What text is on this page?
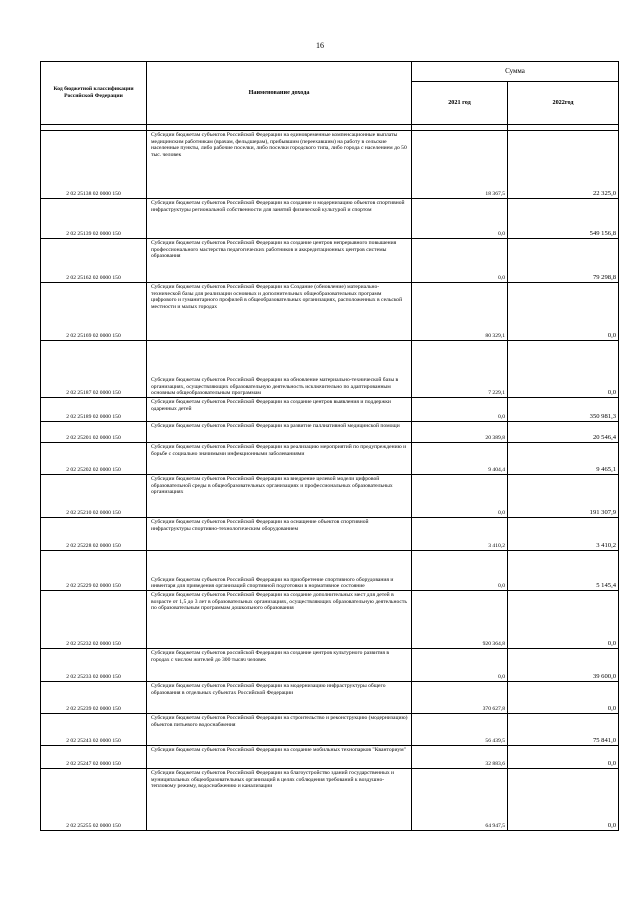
16
Код бюджетной классификации Российской Федерации	Наименование дохода	Сумма	
		2021 год	2022год

2 02 25138 02 0000 150	Субсидии бюджетам субъектов Российской Федерации на единовременные компенсационные выплаты медицинским работникам (врачам, фельдшерам), прибывшим (переехавшим) на работу в сельские населенные пункты, либо рабочие поселки, либо поселки городского типа, либо города с населением до 50 тыс. человек	18 367,5	22 325,0
2 02 25139 02 0000 150	Субсидии бюджетам субъектов Российской Федерации на создание и модернизацию объектов спортивной инфраструктуры региональной собственности для занятий физической культурой и спортом	0,0	549 156,8
2 02 25162 02 0000 150	Субсидии бюджетам субъектов Российской Федерации на создание центров непрерывного повышения профессионального мастерства педагогических работников и аккредитационных центров системы образования	0,0	79 298,8
2 02 25169 02 0000 150	Субсидии бюджетам субъектов Российской Федерации на Создание (обновление) материально-технической базы для реализации основных и дополнительных общеобразовательных программ цифрового и гуманитарного профилей в общеобразовательных организациях, расположенных в сельской местности и малых городах	80 329,1	0,0
2 02 25187 02 0000 150	Субсидии бюджетам субъектов Российской Федерации на обновление материально-технической базы в организациях, осуществляющих образовательную деятельность исключительно по адаптированным основным общеобразовательным программам	7 229,1	0,0
2 02 25189 02 0000 150	Субсидии бюджетам субъектов Российской Федерации на создание центров выявления и поддержки одаренных детей	0,0	350 981,3
2 02 25201 02 0000 150	Субсидии бюджетам субъектов Российской Федерации на развитие паллиативной медицинской помощи	20 389,8	20 546,4
2 02 25202 02 0000 150	Субсидии бюджетам субъектов Российской Федерации на реализацию мероприятий по предупреждению и борьбе с социально значимыми инфекционными заболеваниями	9 404,4	9 465,1
2 02 25210 02 0000 150	Субсидии бюджетам субъектов Российской Федерации на внедрение целевой модели цифровой образовательной среды в общеобразовательных организациях и профессиональных образовательных организациях	0,0	191 307,9
2 02 25228 02 0000 150	Субсидии бюджетам субъектов Российской Федерации на оснащение объектов спортивной инфраструктуры спортивно-технологическим оборудованием	3 410,2	3 410,2
2 02 25229 02 0000 150	Субсидии бюджетам субъектов Российской Федерации на приобретение спортивного оборудования и инвентаря для приведения организаций спортивной подготовки в нормативное состояние	0,0	5 145,4
2 02 25232 02 0000 150	Субсидии бюджетам субъектов Российской Федерации на создание дополнительных мест для детей в возрасте от 1,5 до 3 лет в образовательных организациях, осуществляющих образовательную деятельность по образовательным программам дошкольного образования	920 364,8	0,0
2 02 25233 02 0000 150	Субсидии бюджетам субъектов российской Федерации на создание центров культурного развития в городах с числом жителей до 300 тысяч человек	0,0	39 600,0
2 02 25239 02 0000 150	Субсидии бюджетам субъектов Российской Федерации на модернизацию инфраструктуры общего образования в отдельных субъектах Российской Федерации	370 627,8	0,0
2 02 25243 02 0000 150	Субсидии бюджетам субъектов Российской Федерации на строительство и реконструкцию (модернизацию) объектов питьевого водоснабжения	56 439,5	75 841,0
2 02 25247 02 0000 150	Субсидии бюджетам субъектов Российской Федерации на создание мобильных технопарков "Кванториум"	32 883,6	0,0
2 02 25255 02 0000 150	Субсидии бюджетам субъектов Российской Федерации на благоустройство зданий государственных и муниципальных общеобразовательных организаций в целях соблюдения требований к воздушно-тепловому режиму, водоснабжению и канализации	64 947,5	0,0
